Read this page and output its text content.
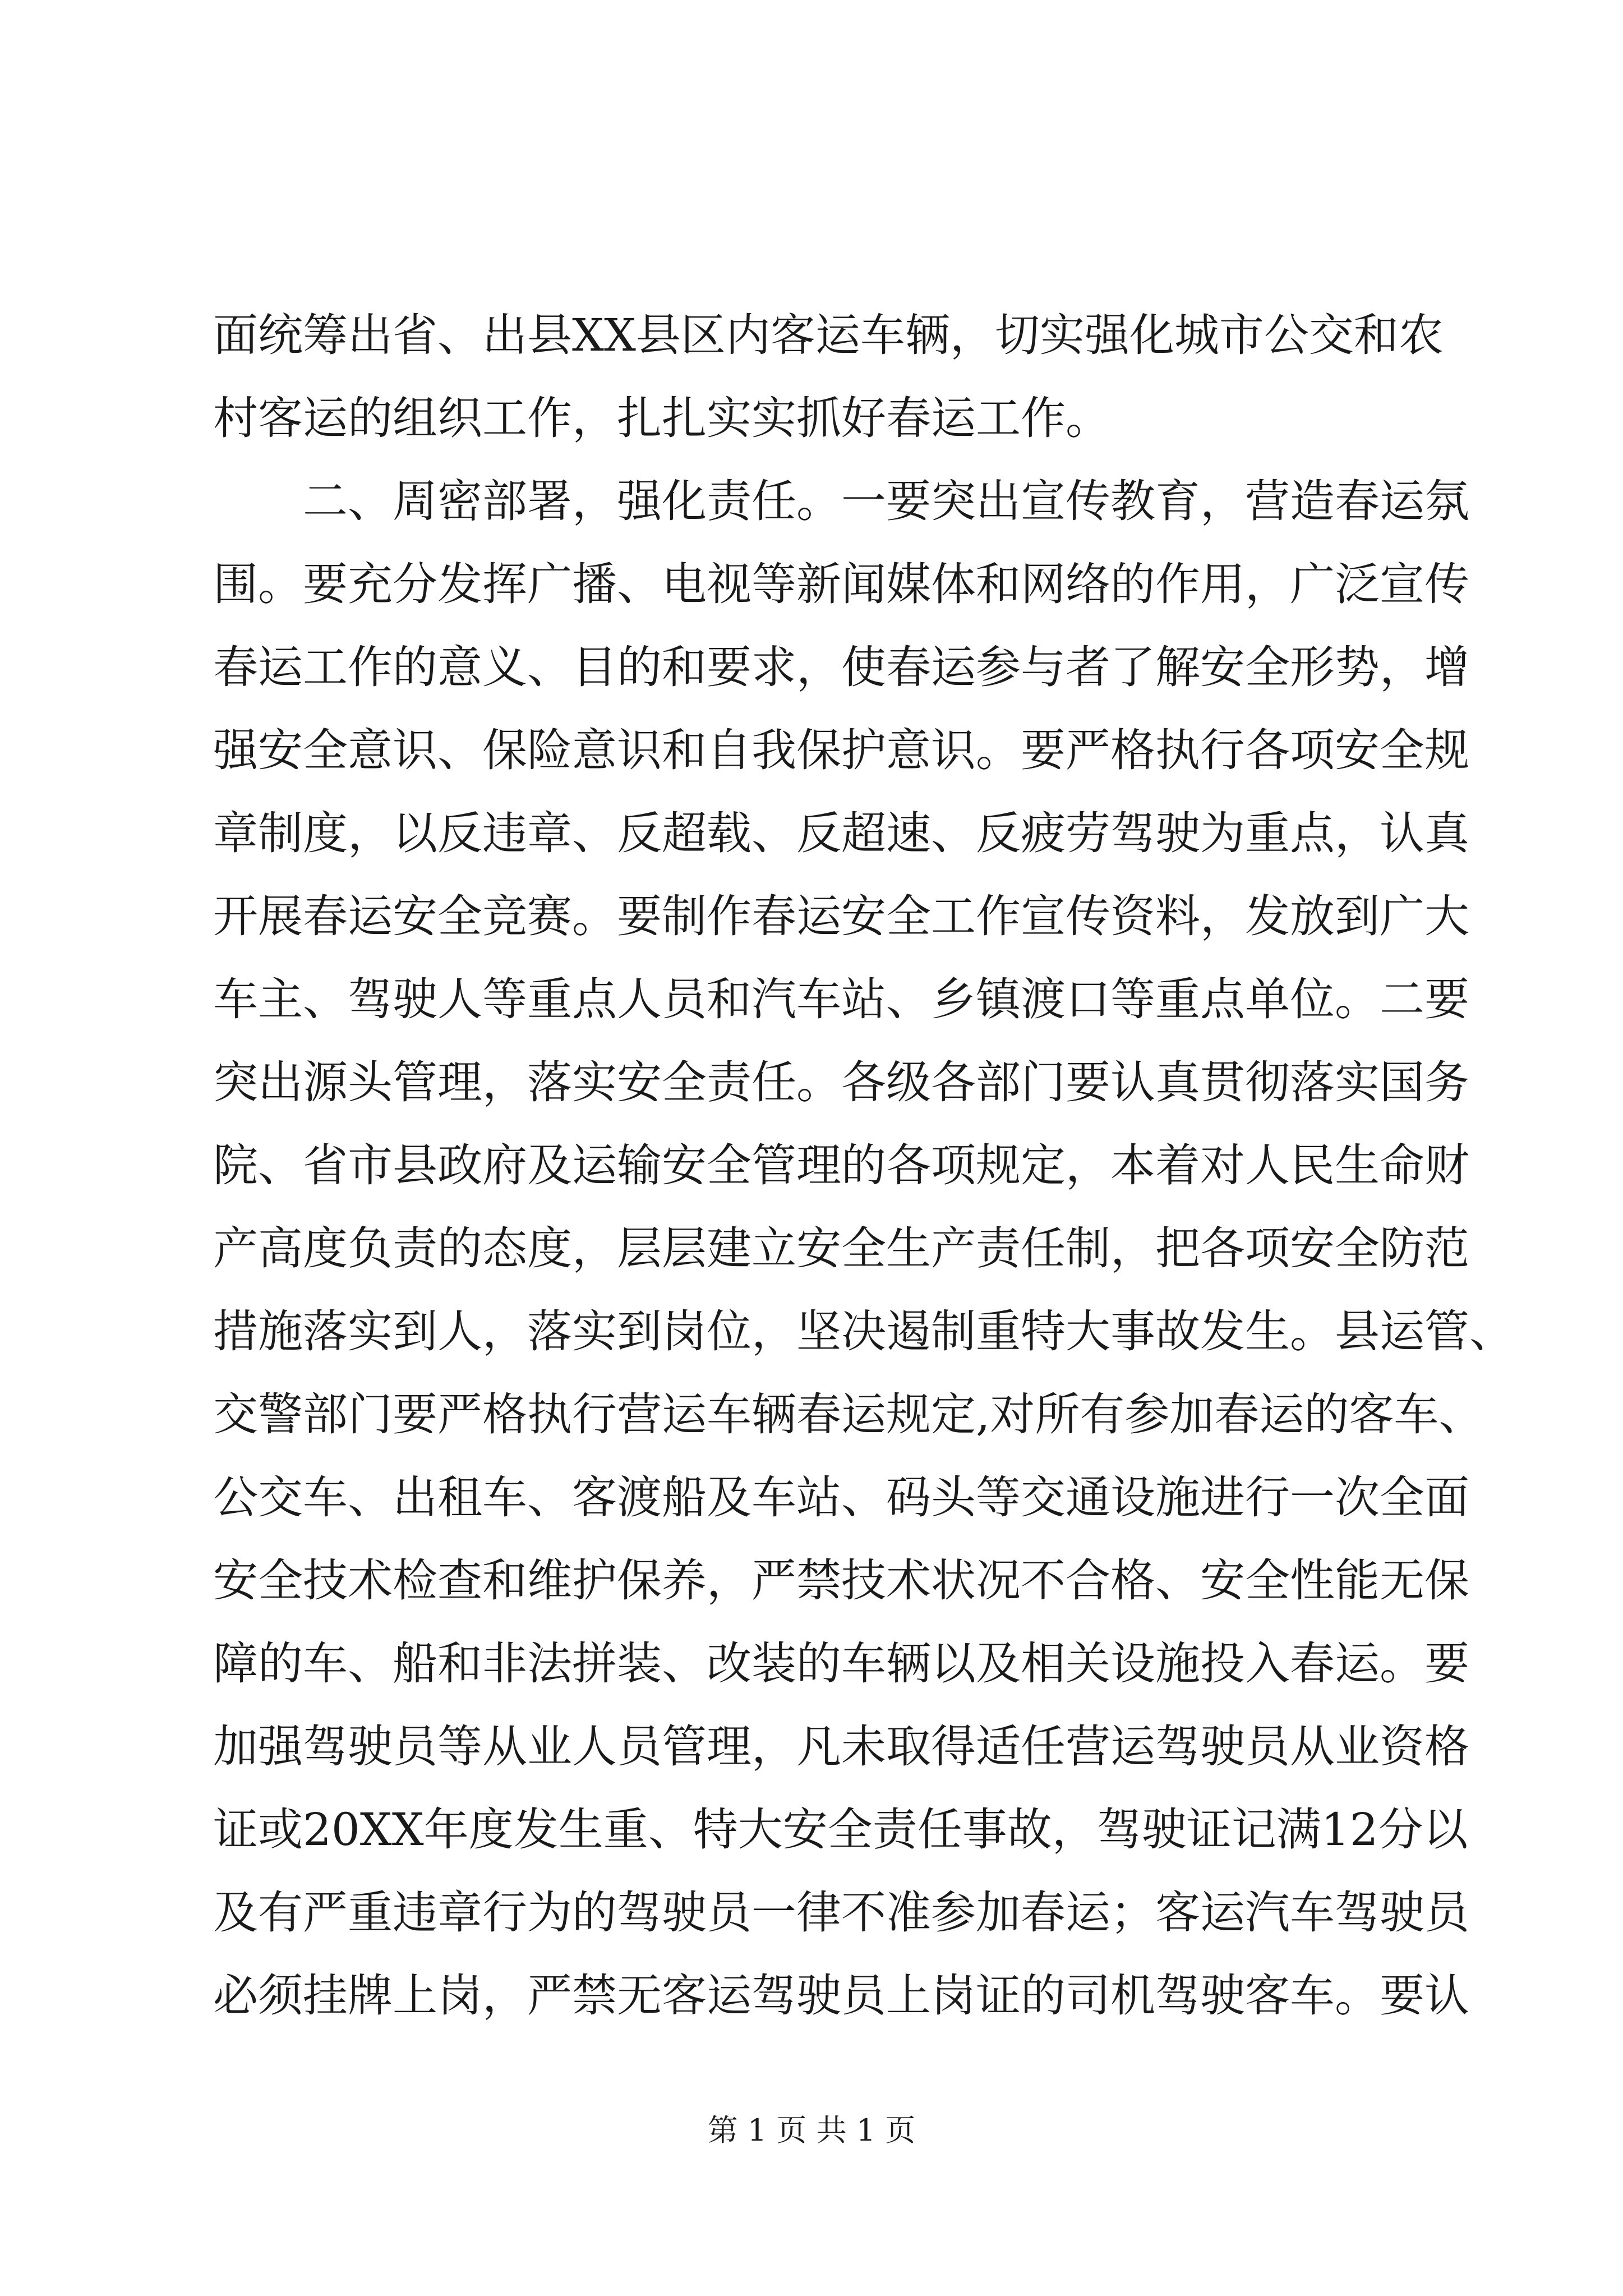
面统筹出省、出县XX县区内客运车辆，切实强化城市公交和农
村客运的组织工作，扎扎实实抓好春运工作。
二、周密部署，强化责任。一要突出宣传教育，营造春运氛
围。要充分发挥广播、电视等新闻媒体和网络的作用，广泛宣传
春运工作的意义、目的和要求，使春运参与者了解安全形势，增
强安全意识、保险意识和自我保护意识。要严格执行各项安全规
章制度，以反违章、反超载、反超速、反疲劳驾驶为重点，认真
开展春运安全竞赛。要制作春运安全工作宣传资料，发放到广大
车主、驾驶人等重点人员和汽车站、乡镇渡口等重点单位。二要
突出源头管理，落实安全责任。各级各部门要认真贯彻落实国务
院、省市县政府及运输安全管理的各项规定，本着对人民生命财
产高度负责的态度，层层建立安全生产责任制，把各项安全防范
措施落实到人，落实到岗位，坚决遏制重特大事故发生。县运管、
交警部门要严格执行营运车辆春运规定,对所有参加春运的客车、
公交车、出租车、客渡船及车站、码头等交通设施进行一次全面
安全技术检查和维护保养，严禁技术状况不合格、安全性能无保
障的车、船和非法拼装、改装的车辆以及相关设施投入春运。要
加强驾驶员等从业人员管理，凡未取得适任营运驾驶员从业资格
证或20XX年度发生重、特大安全责任事故，驾驶证记满12分以
及有严重违章行为的驾驶员一律不准参加春运；客运汽车驾驶员
必须挂牌上岗，严禁无客运驾驶员上岗证的司机驾驶客车。要认
第 1 页 共 1 页
